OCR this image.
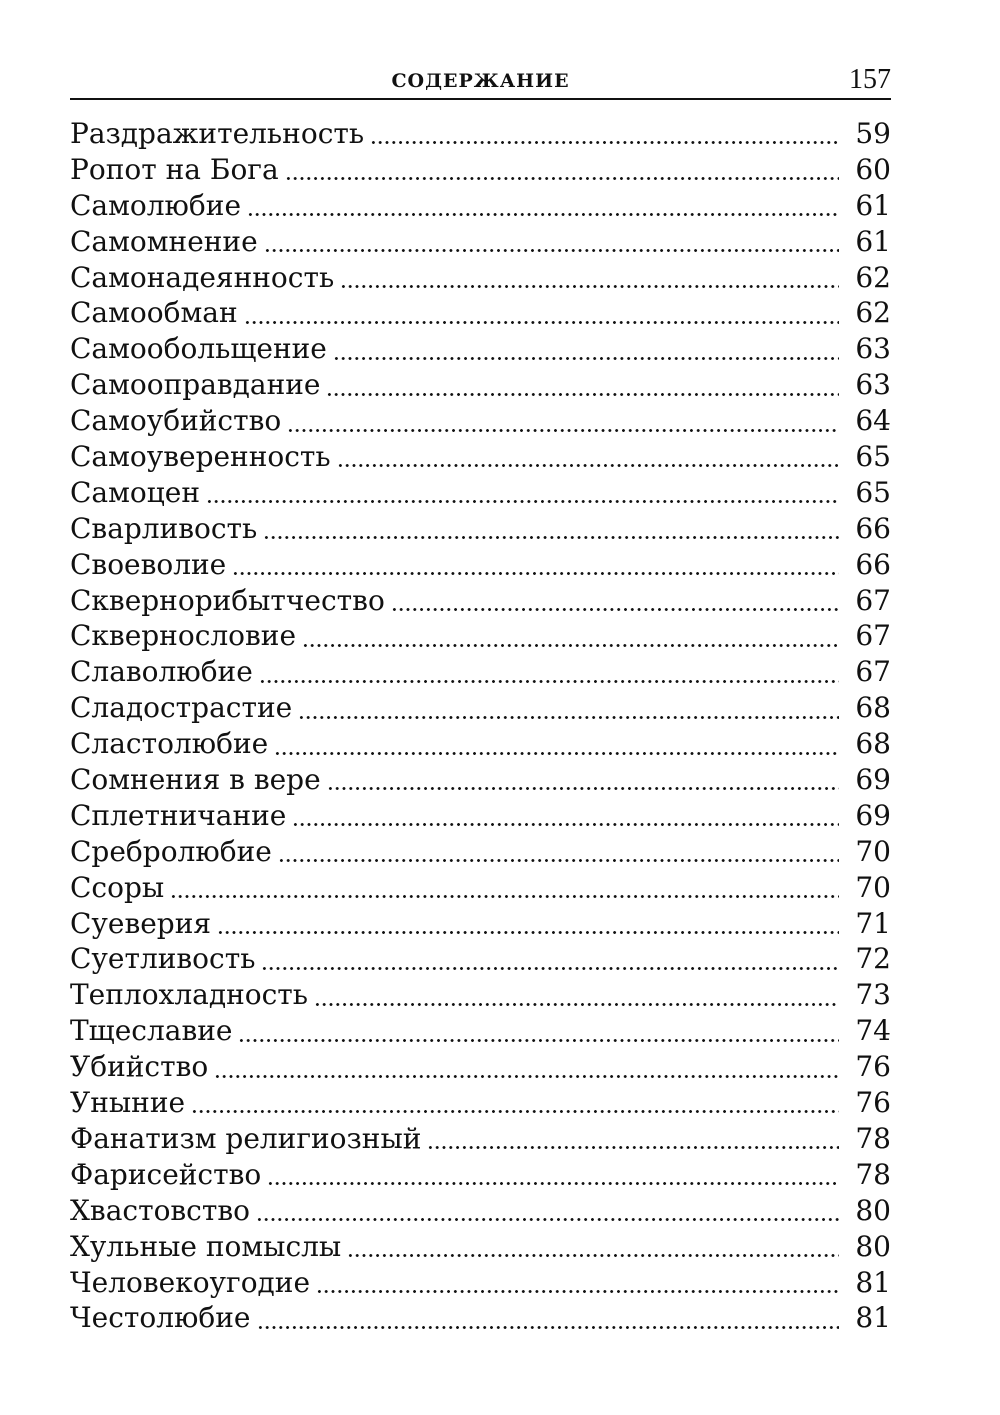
СОДЕРЖАНИЕ	157
Раздражительность	59
Ропот на Бога	60
Самолюбие	61
Самомнение	61
Самонадеянность	62
Самообман	62
Самообольщение	63
Самооправдание	63
Самоубийство	64
Самоуверенность	65
Самоцен	65
Сварливость	66
Своеволие	66
Сквернорибытчество	67
Сквернословие	67
Славолюбие	67
Сладострастие	68
Сластолюбие	68
Сомнения в вере	69
Сплетничание	69
Сребролюбие	70
Ссоры	70
Суеверия	71
Суетливость	72
Теплохладность	73
Тщеславие	74
Убийство	76
Уныние	76
Фанатизм религиозный	78
Фарисейство	78
Хвастовство	80
Хульные помыслы	80
Человекоугодие	81
Честолюбие	81
